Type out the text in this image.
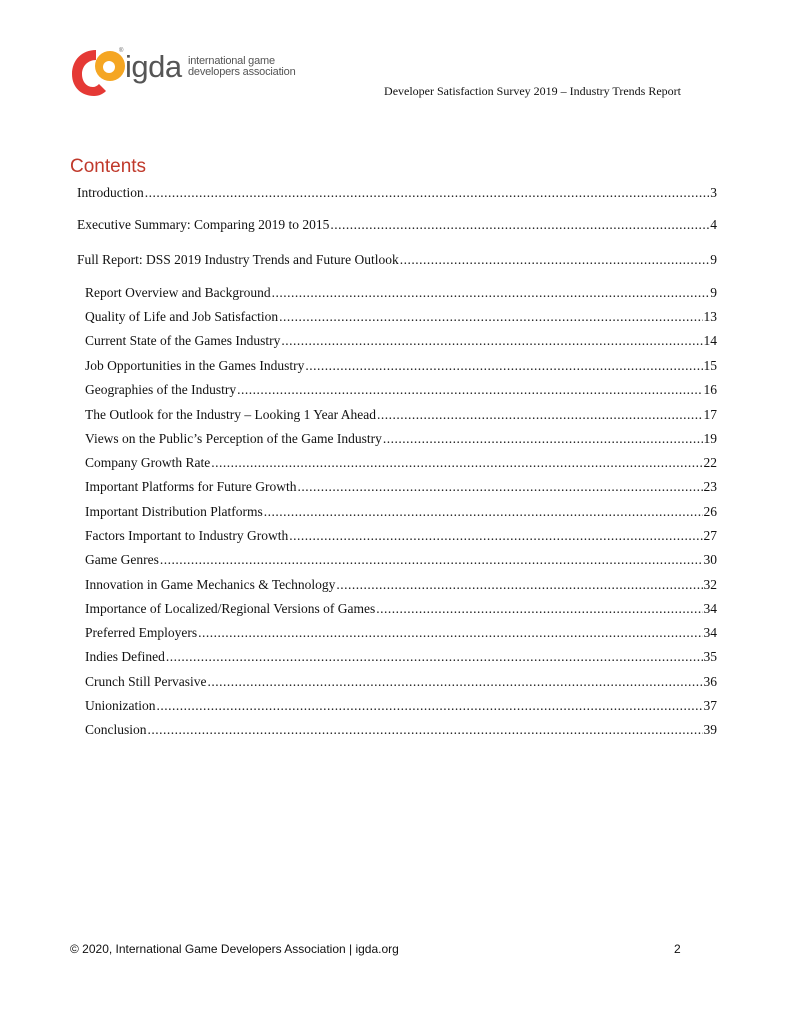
® igda international game
developers association
Developer Satisfaction Survey 2019 – Industry Trends Report
Contents
Introduction .....	3
Executive Summary: Comparing 2019 to 2015 .....	4
Full Report: DSS 2019 Industry Trends and Future Outlook .....	9
Report Overview and Background .....	9
Quality of Life and Job Satisfaction .....	13
Current State of the Games Industry .....	14
Job Opportunities in the Games Industry .....	15
Geographies of the Industry .....	16
The Outlook for the Industry – Looking 1 Year Ahead .....	17
Views on the Public’s Perception of the Game Industry .....	19
Company Growth Rate .....	22
Important Platforms for Future Growth .....	23
Important Distribution Platforms .....	26
Factors Important to Industry Growth .....	27
Game Genres .....	30
Innovation in Game Mechanics & Technology .....	32
Importance of Localized/Regional Versions of Games .....	34
Preferred Employers .....	34
Indies Defined .....	35
Crunch Still Pervasive .....	36
Unionization .....	37
Conclusion .....	39
© 2020, International Game Developers Association | igda.org	2
